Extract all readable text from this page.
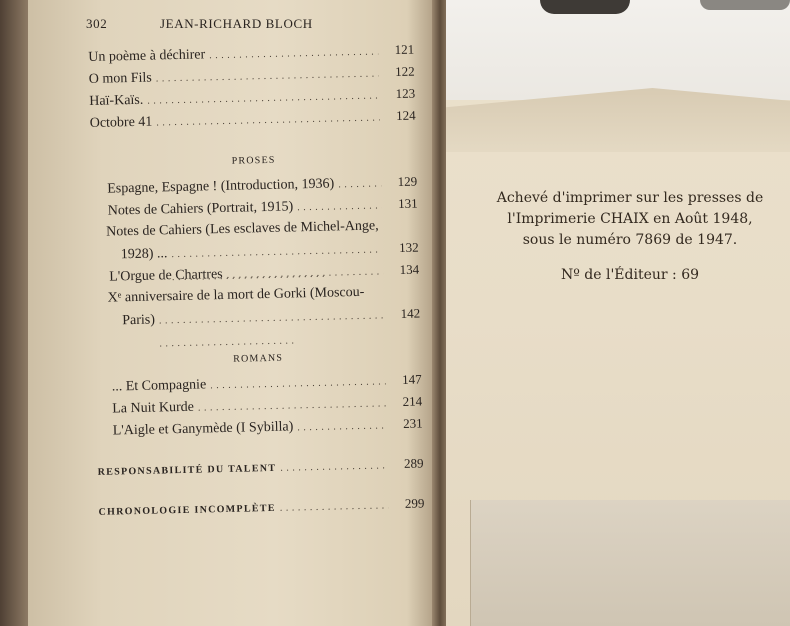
302	JEAN-RICHARD BLOCH
Un poème à déchirer . . .	121
O mon Fils . . .	122
Haï-Kaïs. . . .	123
Octobre 41 . . .	124
PROSES
Espagne, Espagne ! (Introduction, 1936) . . .	129
Notes de Cahiers (Portrait, 1915) . . .	131
Notes de Cahiers (Les esclaves de Michel-Ange,
1928) ... . . .	132
L'Orgue de Chartres . . .	134
Xᵉ anniversaire de la mort de Gorki (Moscou-
Paris) . . .	142
ROMANS
... Et Compagnie . . .	147
La Nuit Kurde . . .	214
L'Aigle et Ganymède (I Sybilla) . . .	231
RESPONSABILITÉ DU TALENT . . .	289
CHRONOLOGIE INCOMPLÈTE . . .	299
Achevé d'imprimer sur les presses de
l'Imprimerie CHAIX en Août 1948,
sous le numéro 7869 de 1947.
Nº de l'Éditeur : 69
